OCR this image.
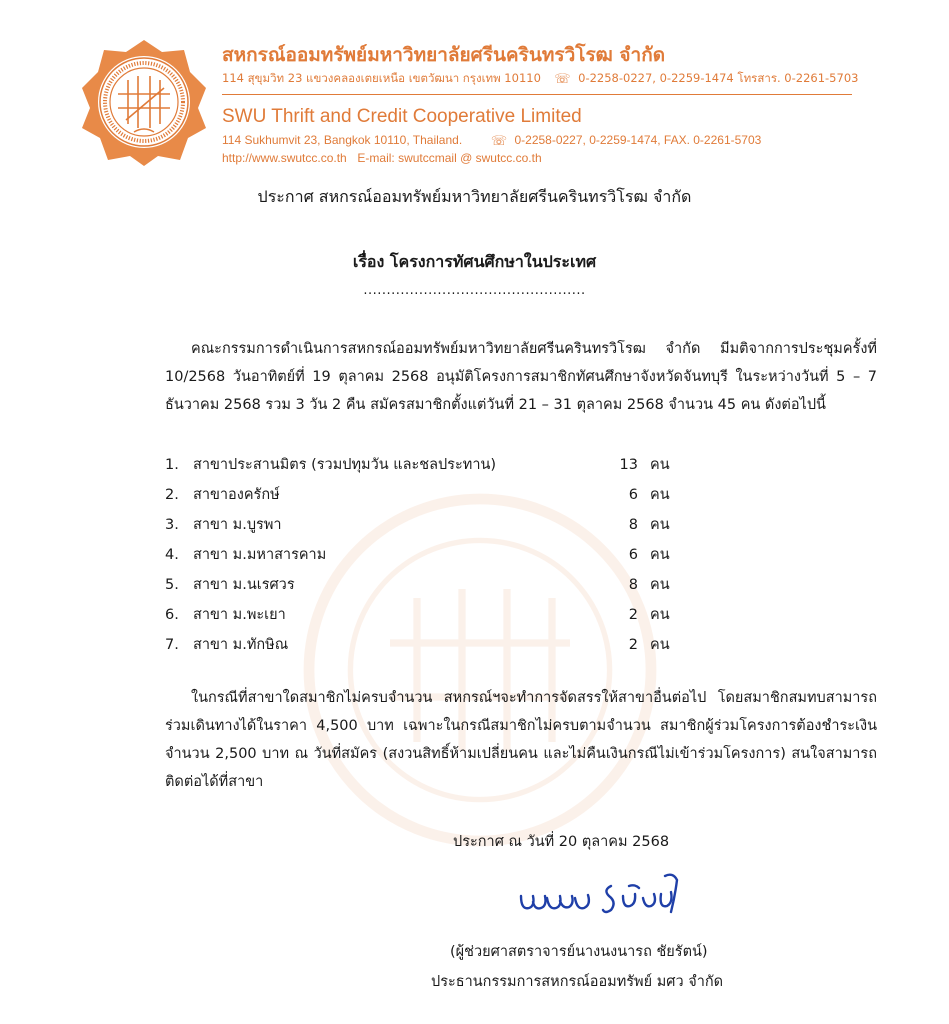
สหกรณ์ออมทรัพย์มหาวิทยาลัยศรีนครินทรวิโรฒ จำกัด
114 สุขุมวิท 23 แขวงคลองเตยเหนือ เขตวัฒนา กรุงเทพ 10110 ☏ 0-2258-0227, 0-2259-1474 โทรสาร. 0-2261-5703
SWU Thrift and Credit Cooperative Limited
114 Sukhumvit 23, Bangkok 10110, Thailand. ☏ 0-2258-0227, 0-2259-1474, FAX. 0-2261-5703
http://www.swutcc.co.th E-mail: swutccmail @ swutcc.co.th
ประกาศ สหกรณ์ออมทรัพย์มหาวิทยาลัยศรีนครินทรวิโรฒ จำกัด
เรื่อง โครงการทัศนศึกษาในประเทศ
................................................
คณะกรรมการดำเนินการสหกรณ์ออมทรัพย์มหาวิทยาลัยศรีนครินทรวิโรฒ จำกัด มีมติจากการประชุมครั้งที่ 10/2568 วันอาทิตย์ที่ 19 ตุลาคม 2568 อนุมัติโครงการสมาชิกทัศนศึกษาจังหวัดจันทบุรี ในระหว่างวันที่ 5 – 7 ธันวาคม 2568 รวม 3 วัน 2 คืน สมัครสมาชิกตั้งแต่วันที่ 21 – 31 ตุลาคม 2568 จำนวน 45 คน ดังต่อไปนี้
1. สาขาประสานมิตร (รวมปทุมวัน และชลประทาน)	13 คน
2. สาขาองครักษ์	6 คน
3. สาขา ม.บูรพา	8 คน
4. สาขา ม.มหาสารคาม	6 คน
5. สาขา ม.นเรศวร	8 คน
6. สาขา ม.พะเยา	2 คน
7. สาขา ม.ทักษิณ	2 คน
ในกรณีที่สาขาใดสมาชิกไม่ครบจำนวน สหกรณ์ฯจะทำการจัดสรรให้สาขาอื่นต่อไป โดยสมาชิกสมทบสามารถร่วมเดินทางได้ในราคา 4,500 บาท เฉพาะในกรณีสมาชิกไม่ครบตามจำนวน สมาชิกผู้ร่วมโครงการต้องชำระเงินจำนวน 2,500 บาท ณ วันที่สมัคร (สงวนสิทธิ์ห้ามเปลี่ยนคน และไม่คืนเงินกรณีไม่เข้าร่วมโครงการ) สนใจสามารถติดต่อได้ที่สาขา
ประกาศ ณ วันที่ 20 ตุลาคม 2568
(ผู้ช่วยศาสตราจารย์นางนงนารถ ชัยรัตน์)
ประธานกรรมการสหกรณ์ออมทรัพย์ มศว จำกัด
